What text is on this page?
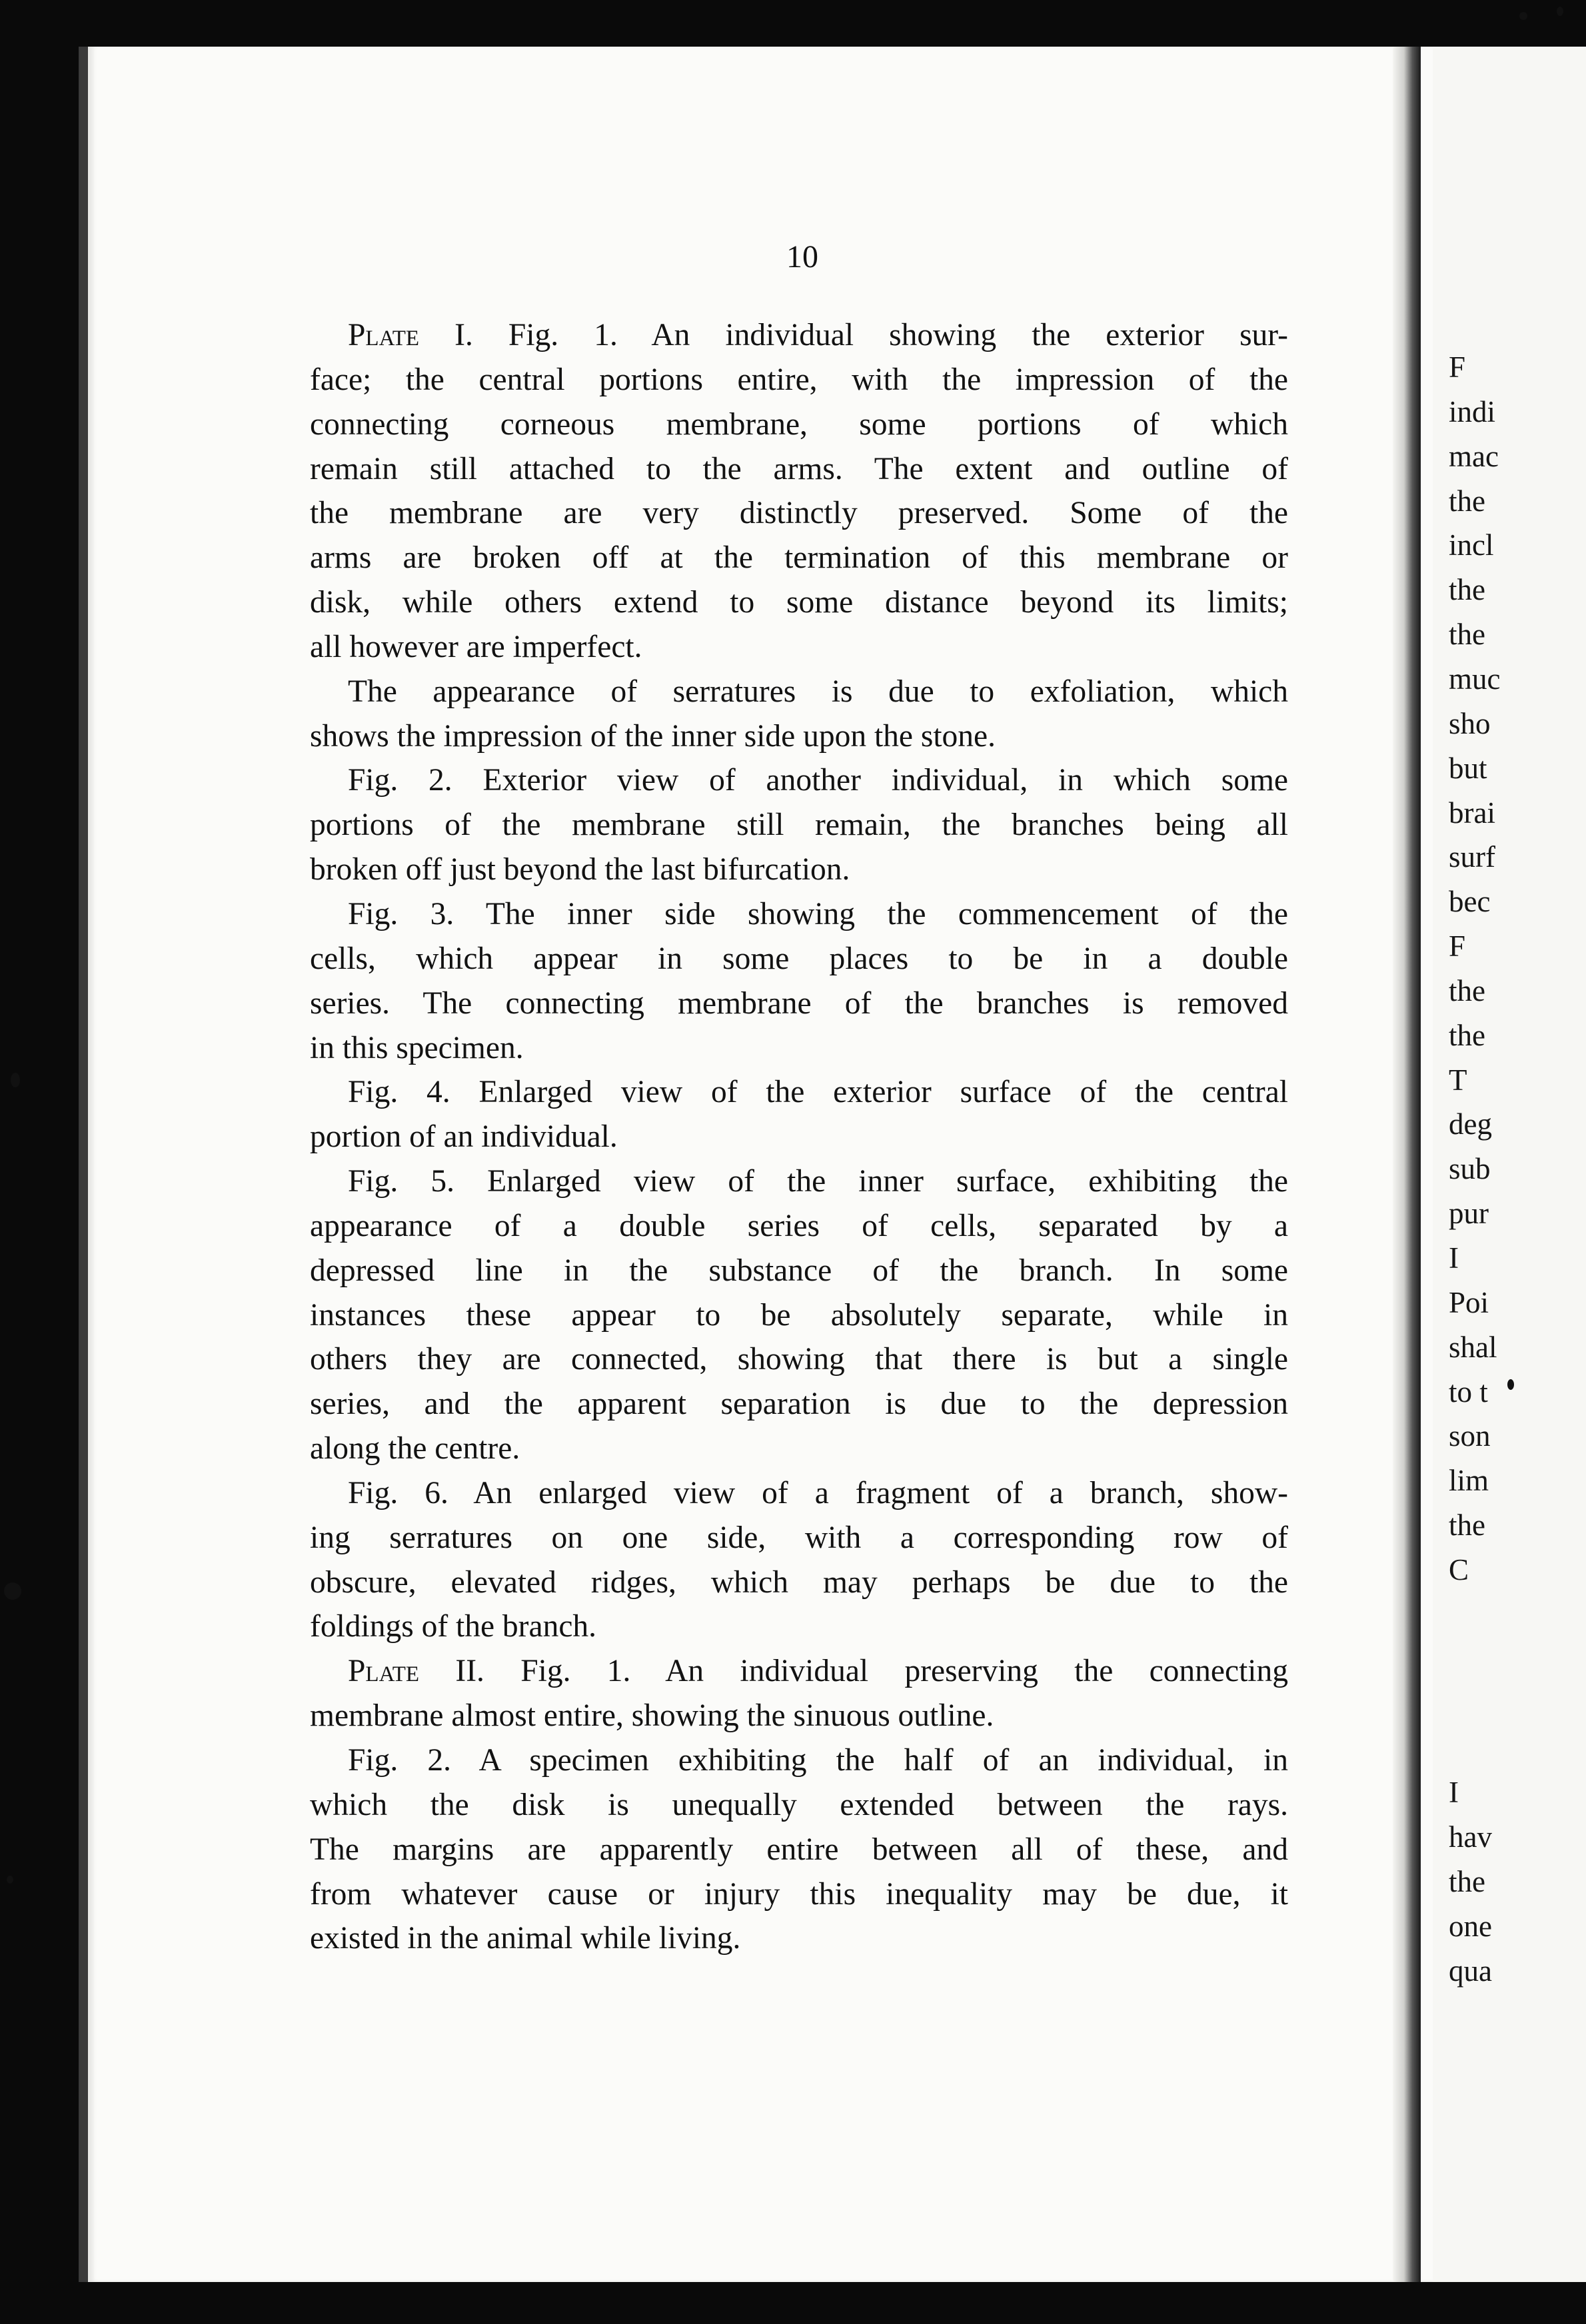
F
indi
mac
the
incl
the
the
muc
sho
but
brai
surf
bec
F
the
the
T
deg
sub
pur
I
Poi
shal
to t
son
lim
the
C
I
hav
the
one
qua
10
Plate I. Fig. 1. An individual showing the exterior sur-
face; the central portions entire, with the impression of the
connecting corneous membrane, some portions of which
remain still attached to the arms. The extent and outline of
the membrane are very distinctly preserved. Some of the
arms are broken off at the termination of this membrane or
disk, while others extend to some distance beyond its limits;
all however are imperfect.
The appearance of serratures is due to exfoliation, which
shows the impression of the inner side upon the stone.
Fig. 2. Exterior view of another individual, in which some
portions of the membrane still remain, the branches being all
broken off just beyond the last bifurcation.
Fig. 3. The inner side showing the commencement of the
cells, which appear in some places to be in a double
series. The connecting membrane of the branches is removed
in this specimen.
Fig. 4. Enlarged view of the exterior surface of the central
portion of an individual.
Fig. 5. Enlarged view of the inner surface, exhibiting the
appearance of a double series of cells, separated by a
depressed line in the substance of the branch. In some
instances these appear to be absolutely separate, while in
others they are connected, showing that there is but a single
series, and the apparent separation is due to the depression
along the centre.
Fig. 6. An enlarged view of a fragment of a branch, show-
ing serratures on one side, with a corresponding row of
obscure, elevated ridges, which may perhaps be due to the
foldings of the branch.
Plate II. Fig. 1. An individual preserving the connecting
membrane almost entire, showing the sinuous outline.
Fig. 2. A specimen exhibiting the half of an individual, in
which the disk is unequally extended between the rays.
The margins are apparently entire between all of these, and
from whatever cause or injury this inequality may be due, it
existed in the animal while living.
